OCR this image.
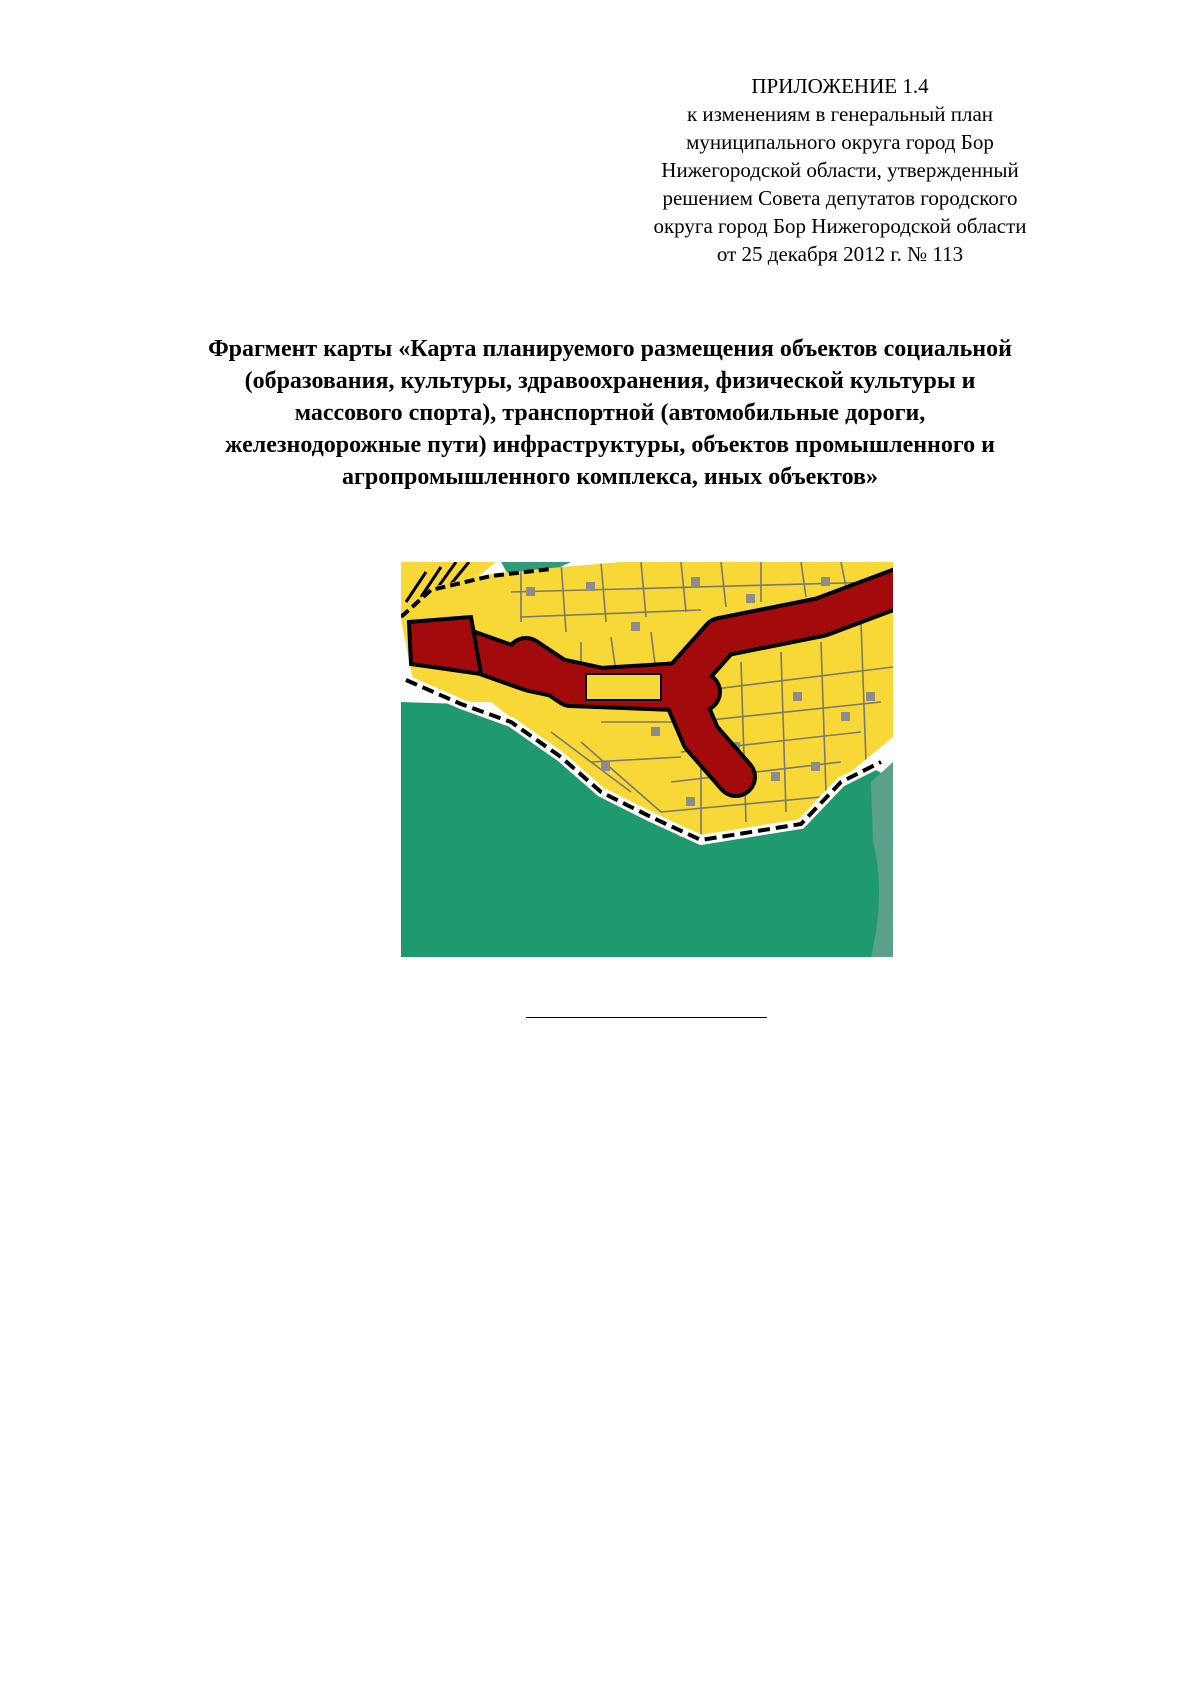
ПРИЛОЖЕНИЕ 1.4
к изменениям в генеральный план
муниципального округа город Бор
Нижегородской области, утвержденный
решением Совета депутатов городского
округа город Бор Нижегородской области
от 25 декабря 2012 г. № 113
Фрагмент карты «Карта планируемого размещения объектов социальной
(образования, культуры, здравоохранения, физической культуры и
массового спорта), транспортной (автомобильные дороги,
железнодорожные пути) инфраструктуры, объектов промышленного и
агропромышленного комплекса, иных объектов»
